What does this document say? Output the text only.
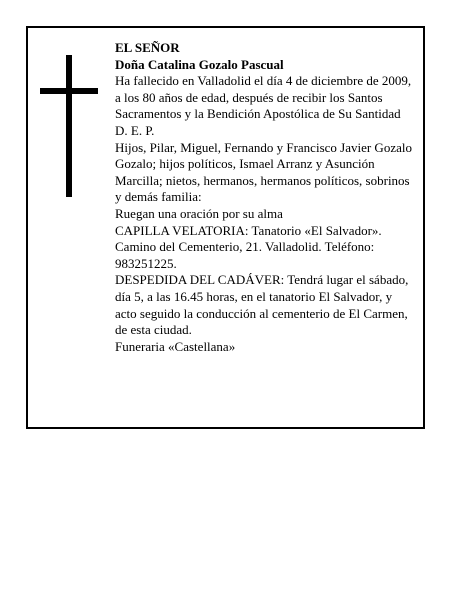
EL SEÑOR

Doña Catalina Gozalo Pascual

Ha fallecido en Valladolid el día 4 de diciembre de 2009, a los 80 años de edad, después de recibir los Santos Sacramentos y la Bendición Apostólica de Su Santidad

D. E. P.

Hijos, Pilar, Miguel, Fernando y Francisco Javier Gozalo Gozalo; hijos políticos, Ismael Arranz y Asunción Marcilla; nietos, hermanos, hermanos políticos, sobrinos y demás familia:

Ruegan una oración por su alma

CAPILLA VELATORIA: Tanatorio «El Salvador». Camino del Cementerio, 21. Valladolid. Teléfono: 983251225.

DESPEDIDA DEL CADÁVER: Tendrá lugar el sábado, día 5, a las 16.45 horas, en el tanatorio El Salvador, y acto seguido la conducción al cementerio de El Carmen, de esta ciudad.

Funeraria «Castellana»
